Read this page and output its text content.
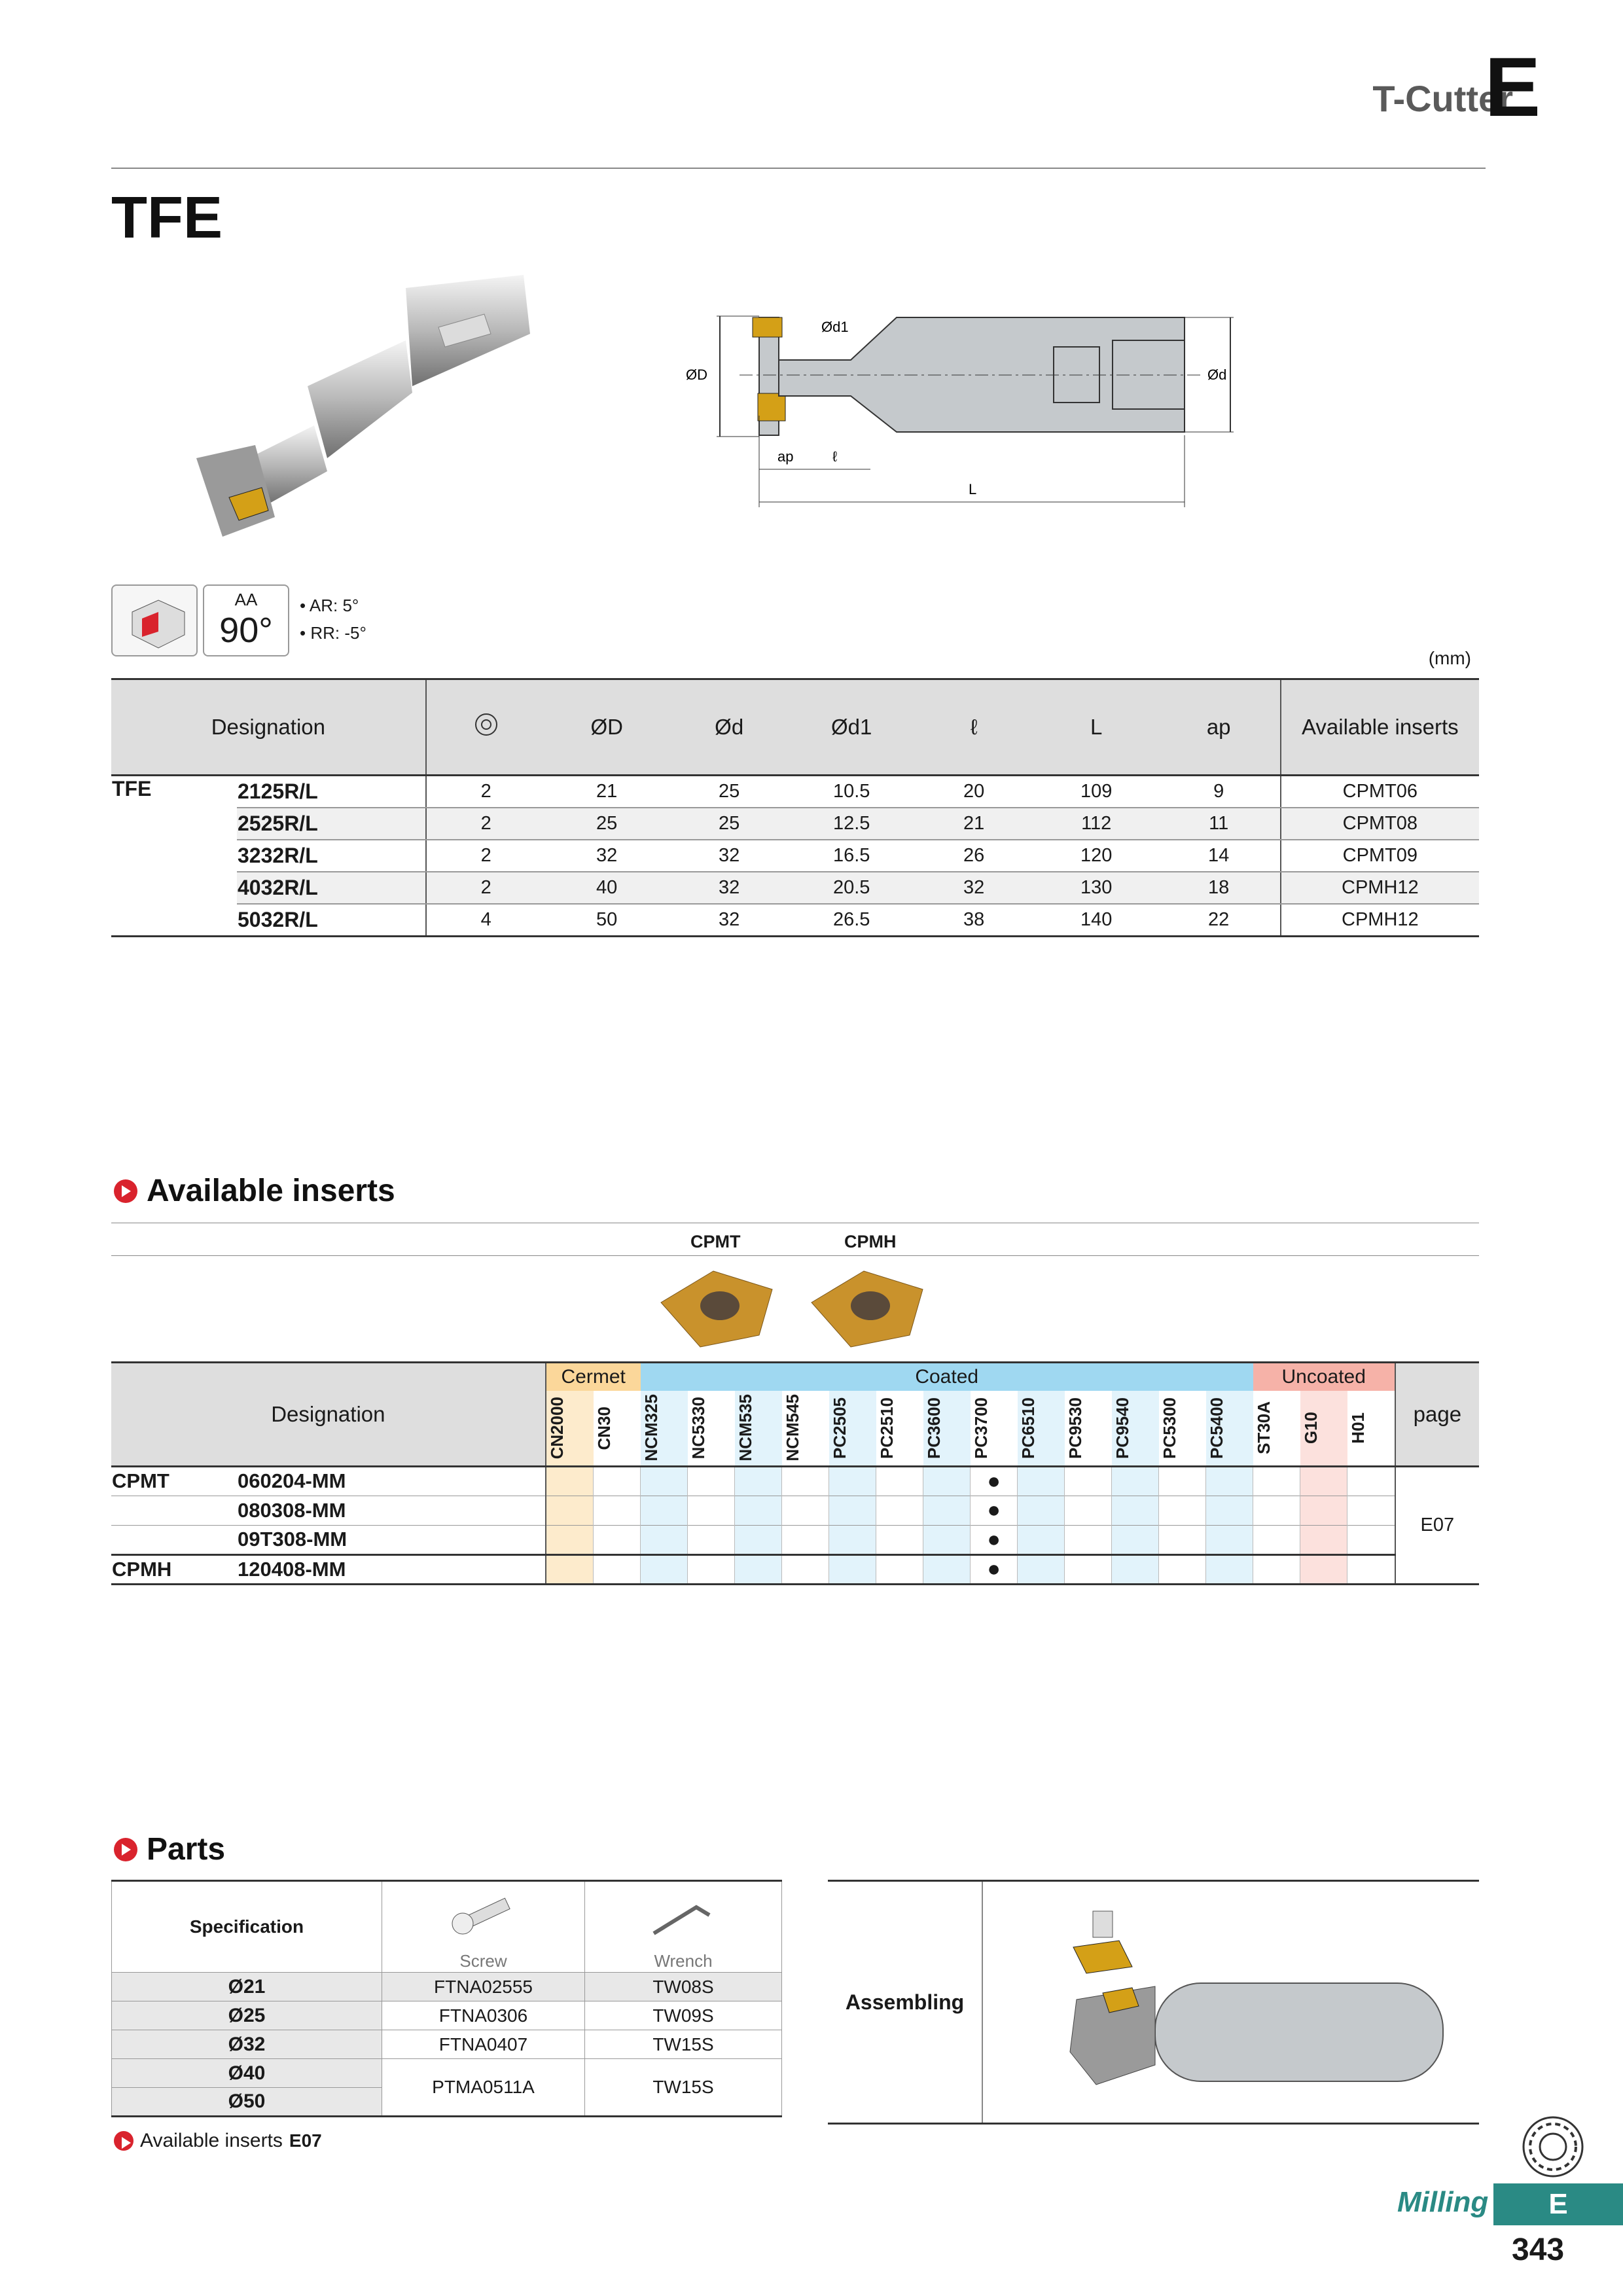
T-Cutter
E
TFE
ØD
Ød1
Ød
ap	ℓ
L
AA
90°
• AR: 5°
• RR: -5°
(mm)
Designation			ØD	Ød	Ød1	ℓ	L	ap	Available inserts
TFE	2125R/L	2	21	25	10.5	20	109	9	CPMT06
	2525R/L	2	25	25	12.5	21	112	11	CPMT08
	3232R/L	2	32	32	16.5	26	120	14	CPMT09
	4032R/L	2	40	32	20.5	32	130	18	CPMH12
	5032R/L	4	50	32	26.5	38	140	22	CPMH12
Available inserts
CPMT	CPMH
Designation		Cermet		Coated													Uncoated			page

		CN2000	CN30	NCM325	NC5330	NCM535	NCM545	PC2505	PC2510	PC3600	PC3700	PC6510	PC9530	PC9540	PC5300	PC5400	ST30A	G10	H01	

CPMT	060204-MM										●									E07
	080308-MM										●									
	09T308-MM										●									
CPMH	120408-MM										●									
Parts
Specification	Screw	Wrench

Ø21	FTNA02555	TW08S
Ø25	FTNA0306	TW09S
Ø32	FTNA0407	TW15S
Ø40	PTMA0511A	TW15S
Ø50		
Assembling
Available inserts E07
Milling	E
343
